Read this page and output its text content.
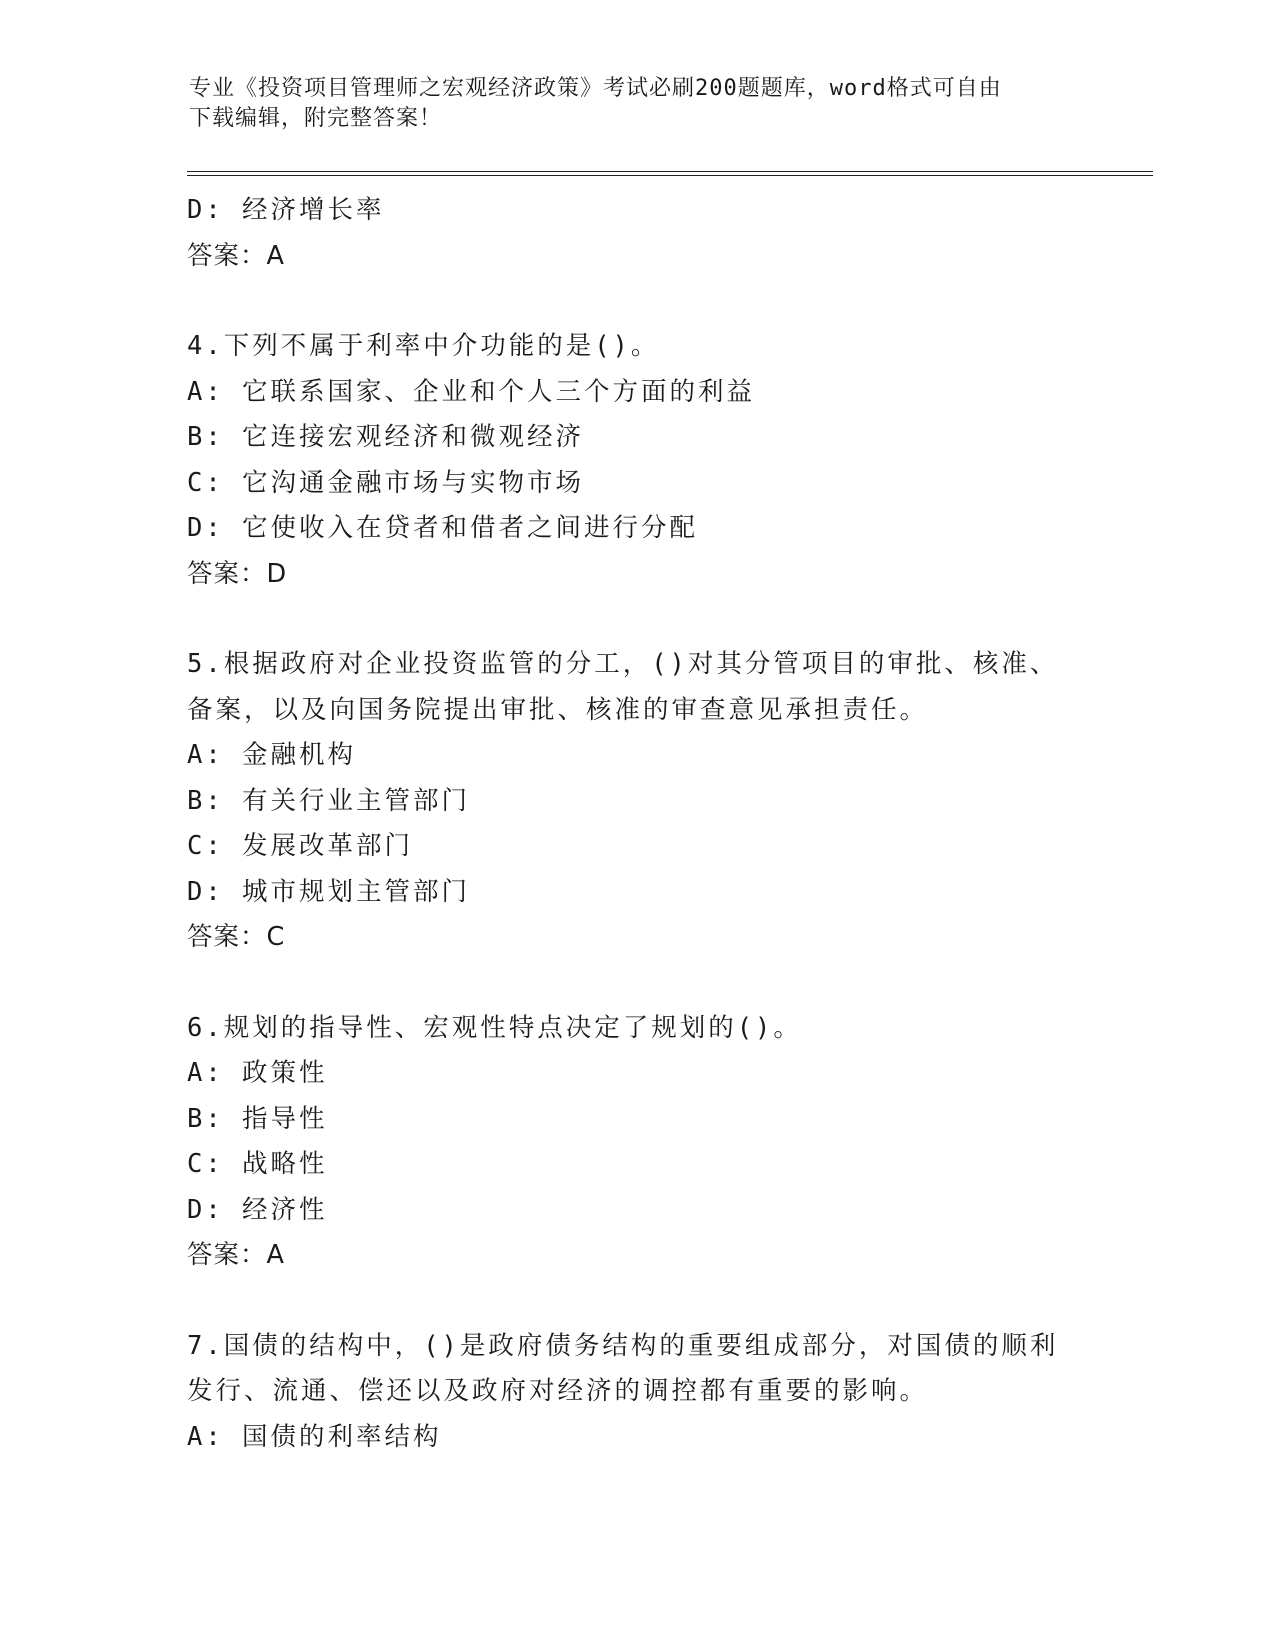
专业《投资项目管理师之宏观经济政策》考试必刷200题题库，word格式可自由
下载编辑，附完整答案！
D: 经济增长率
答案：A
4.下列不属于利率中介功能的是()。
A: 它联系国家、企业和个人三个方面的利益
B: 它连接宏观经济和微观经济
C: 它沟通金融市场与实物市场
D: 它使收入在贷者和借者之间进行分配
答案：D
5.根据政府对企业投资监管的分工，()对其分管项目的审批、核准、
备案，以及向国务院提出审批、核准的审查意见承担责任。
A: 金融机构
B: 有关行业主管部门
C: 发展改革部门
D: 城市规划主管部门
答案：C
6.规划的指导性、宏观性特点决定了规划的()。
A: 政策性
B: 指导性
C: 战略性
D: 经济性
答案：A
7.国债的结构中，()是政府债务结构的重要组成部分，对国债的顺利
发行、流通、偿还以及政府对经济的调控都有重要的影响。
A: 国债的利率结构
